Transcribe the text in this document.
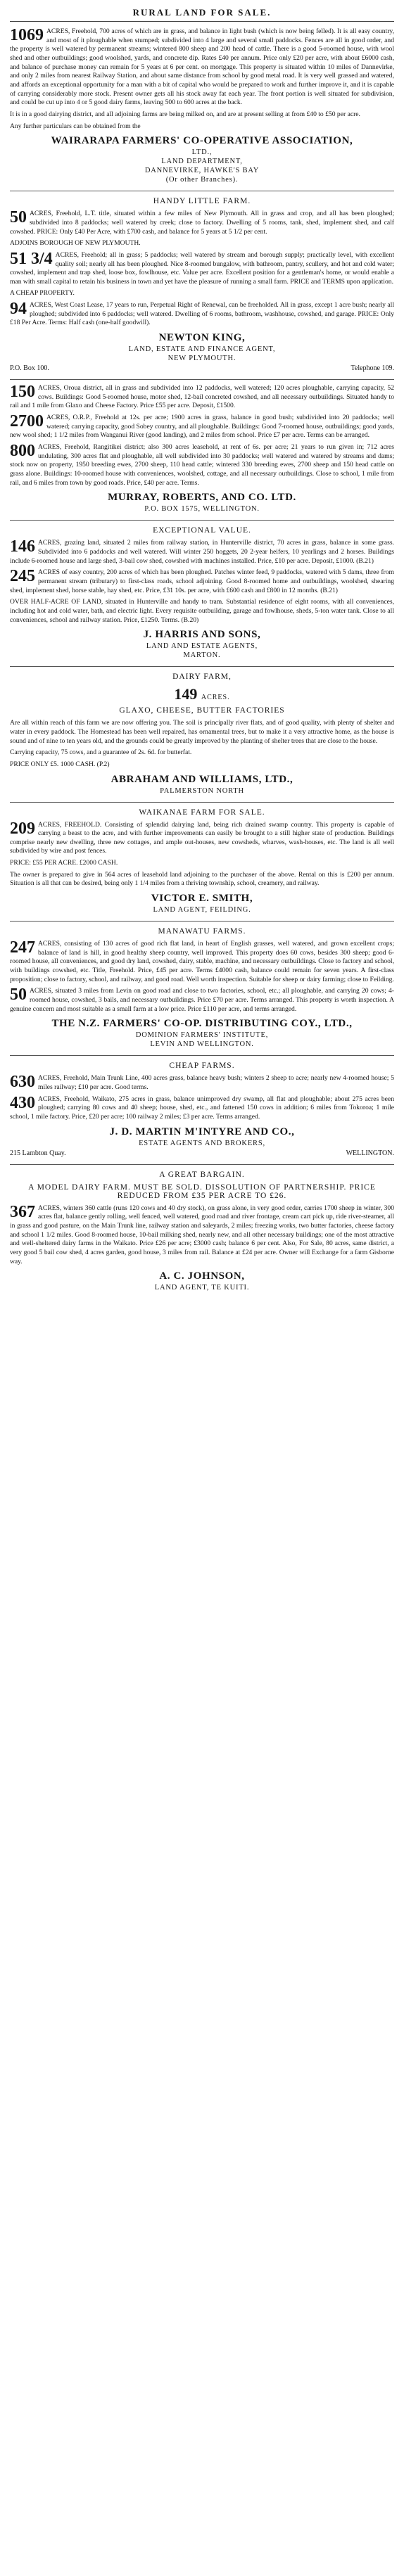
RURAL LAND FOR SALE.
1069 ACRES, Freehold, 700 acres of which are in grass, and balance in light bush (which is now being felled). It is all easy country, and most of it ploughable when stumped; subdivided into 4 large and several small paddocks. Fences are all in good order, and the property is well watered by permanent streams; wintered 800 sheep and 200 head of cattle. There is a good 5-roomed house, with wool shed and other outbuildings; good woolshed, yards, and concrete dip. Rates £40 per annum. Price only £20 per acre, with about £6000 cash, and balance of purchase money can remain for 5 years at 6 per cent. on mortgage. This property is situated within 10 miles of Dannevirke, and only 2 miles from nearest Railway Station, and about same distance from school by good metal road. It is very well grassed and watered, and affords an exceptional opportunity for a man with a bit of capital who would be prepared to work and further improve it, and it is capable of carrying considerably more stock. Present owner gets all his stock away fat each year. The front portion is well situated for subdivision, and could be cut up into 4 or 5 good dairy farms, leaving 500 to 600 acres at the back.
It is in a good dairying district, and all adjoining farms are being milked on, and are at present selling at from £40 to £50 per acre.
Any further particulars can be obtained from the
WAIRARAPA FARMERS' CO-OPERATIVE ASSOCIATION,
LTD.,
LAND DEPARTMENT,
DANNEVIRKE, HAWKE'S BAY
(Or other Branches).
HANDY LITTLE FARM.
50 ACRES, Freehold, L.T. title, situated within a few miles of New Plymouth. All in grass and crop, and all has been ploughed; subdivided into 8 paddocks; well watered by creek; close to factory. Dwelling of 5 rooms, tank, shed, implement shed, and calf cowshed. PRICE: Only £40 Per Acre, with £700 cash, and balance for 5 years at 5 1/2 per cent.
ADJOINS BOROUGH OF NEW PLYMOUTH.
51 3/4 ACRES, Freehold; all in grass; 5 paddocks; well watered by stream and borough supply; practically level, with excellent quality soil; nearly all has been ploughed. Nice 8-roomed bungalow, with bathroom, pantry, scullery, and hot and cold water; cowshed, implement and trap shed, loose box, fowlhouse, etc. Value per acre. Excellent position for a gentleman's home, or would enable a man with small capital to retain his business in town and yet have the pleasure of running a small farm. PRICE and TERMS upon application.
A CHEAP PROPERTY.
94 ACRES, West Coast Lease, 17 years to run, Perpetual Right of Renewal, can be freeholded. All in grass, except 1 acre bush; nearly all ploughed; subdivided into 6 paddocks; well watered. Dwelling of 6 rooms, bathroom, washhouse, cowshed, and garage. PRICE: Only £18 Per Acre. Terms: Half cash (one-half goodwill).
NEWTON KING,
LAND, ESTATE AND FINANCE AGENT,
NEW PLYMOUTH.
P.O. Box 100.	Telephone 109.
150 ACRES, Oroua district, all in grass and subdivided into 12 paddocks, well watered; 120 acres ploughable, carrying capacity, 52 cows. Buildings: Good 5-roomed house, motor shed, 12-bail concreted cowshed, and all necessary outbuildings. Situated handy to rail and 1 mile from Glaxo and Cheese Factory. Price £55 per acre. Deposit, £1500.
2700 ACRES, O.R.P., Freehold at 12s. per acre; 1900 acres in grass, balance in good bush; subdivided into 20 paddocks; well watered; carrying capacity, good Sobey country, and all ploughable. Buildings: Good 7-roomed house, outbuildings; good yards, new wool shed; 1 1/2 miles from Wanganui River (good landing), and 2 miles from school. Price £7 per acre. Terms can be arranged.
800 ACRES, Freehold, Rangitikei district; also 300 acres leasehold, at rent of 6s. per acre; 21 years to run given in; 712 acres undulating, 300 acres flat and ploughable, all well subdivided into 30 paddocks; well watered and watered by streams and dams; stock now on property, 1950 breeding ewes, 2700 sheep, 110 head cattle; wintered 330 breeding ewes, 2700 sheep and 150 head cattle on grass alone. Buildings: 10-roomed house with conveniences, woolshed, cottage, and all necessary outbuildings. Close to school, 1 mile from rail, and 6 miles from town by good roads. Price, £40 per acre. Terms.
MURRAY, ROBERTS, AND CO. LTD.
P.O. BOX 1575, WELLINGTON.
EXCEPTIONAL VALUE.
146 ACRES, grazing land, situated 2 miles from railway station, in Hunterville district, 70 acres in grass, balance in some grass. Subdivided into 6 paddocks and well watered. Will winter 250 hoggets, 20 2-year heifers, 10 yearlings and 2 horses. Buildings include 6-roomed house and large shed, 3-bail cow shed, cowshed with machines installed. Price, £10 per acre. Deposit, £1000. (B.21)
245 ACRES of easy country, 200 acres of which has been ploughed. Patches winter feed, 9 paddocks, watered with 5 dams, three from permanent stream (tributary) to first-class roads, school adjoining. Good 8-roomed home and outbuildings, woolshed, shearing shed, implement shed, horse stable, hay shed, etc. Price, £31 10s. per acre, with £600 cash and £800 in 12 months. (B.21)
OVER HALF-ACRE OF LAND, situated in Hunterville and handy to tram. Substantial residence of eight rooms, with all conveniences, including hot and cold water, bath, and electric light. Every requisite outbuilding, garage and fowlhouse, sheds, 5-ton water tank. Close to all conveniences, school and railway station. Price, £1250. Terms. (B.20)
J. HARRIS AND SONS,
LAND AND ESTATE AGENTS,
MARTON.
DAIRY FARM,
149 ACRES.
GLAXO, CHEESE, BUTTER FACTORIES
Are all within reach of this farm we are now offering you. The soil is principally river flats, and of good quality, with plenty of shelter and water in every paddock. The Homestead has been well repaired, has ornamental trees, but to make it a very attractive home, as the house is sound and of nine to ten years old, and the grounds could be greatly improved by the planting of shelter trees that are close to the house.
Carrying capacity, 75 cows, and a guarantee of 2s. 6d. for butterfat.
PRICE ONLY £5. 1000 CASH. (P.2)
ABRAHAM AND WILLIAMS, LTD.,
PALMERSTON NORTH
WAIKANAE FARM FOR SALE.
209 ACRES, FREEHOLD. Consisting of splendid dairying land, being rich drained swamp country. This property is capable of carrying a beast to the acre, and with further improvements can easily be brought to a still higher state of production. Buildings comprise nearly new dwelling, three new cottages, and ample out-houses, new cowsheds, wharves, wash-houses, etc. The land is all well subdivided by wire and post fences.
PRICE: £55 PER ACRE. £2000 CASH.
The owner is prepared to give in 564 acres of leasehold land adjoining to the purchaser of the above. Rental on this is £200 per annum. Situation is all that can be desired, being only 1 1/4 miles from a thriving township, school, creamery, and railway.
VICTOR E. SMITH,
LAND AGENT, FEILDING.
MANAWATU FARMS.
247 ACRES, consisting of 130 acres of good rich flat land, in heart of English grasses, well watered, and grown excellent crops; balance of land is hill, in good healthy sheep country, well improved. This property does 60 cows, besides 300 sheep; good 6-roomed house, all conveniences, and good dry land, cowshed, dairy, stable, machine, and necessary outbuildings. Close to factory and school, with buildings cowshed, etc. Title, Freehold. Price, £45 per acre. Terms £4000 cash, balance could remain for seven years. A first-class proposition; close to factory, school, and railway, and good road. Well worth inspection. Suitable for sheep or dairy farming; close to Feilding.
50 ACRES, situated 3 miles from Levin on good road and close to two factories, school, etc.; all ploughable, and carrying 20 cows; 4-roomed house, cowshed, 3 bails, and necessary outbuildings. Price £70 per acre. Terms arranged. This property is worth inspection. A genuine concern and most suitable as a small farm at a low price. Price £110 per acre, and terms arranged.
THE N.Z. FARMERS' CO-OP. DISTRIBUTING COY., LTD.,
DOMINION FARMERS' INSTITUTE,
LEVIN AND WELLINGTON.
CHEAP FARMS.
630 ACRES, Freehold, Main Trunk Line, 400 acres grass, balance heavy bush; winters 2 sheep to acre; nearly new 4-roomed house; 5 miles railway; £10 per acre. Good terms.
430 ACRES, Freehold, Waikato, 275 acres in grass, balance unimproved dry swamp, all flat and ploughable; about 275 acres been ploughed; carrying 80 cows and 40 sheep; house, shed, etc., and fattened 150 cows in addition; 6 miles from Tokoroa; 1 mile school, 1 mile factory. Price, £20 per acre; 100 railway 2 miles; £3 per acre. Terms arranged.
J. D. MARTIN M'INTYRE AND CO.,
ESTATE AGENTS AND BROKERS,
215 Lambton Quay.	WELLINGTON.
A GREAT BARGAIN.
A MODEL DAIRY FARM. MUST BE SOLD. DISSOLUTION OF PARTNERSHIP. PRICE REDUCED FROM £35 PER ACRE TO £26.
367 ACRES, winters 360 cattle (runs 120 cows and 40 dry stock), on grass alone, in very good order, carries 1700 sheep in winter, 300 acres flat, balance gently rolling, well fenced, well watered, good road and river frontage, cream cart pick up, ride river-steamer, all in grass and good pasture, on the Main Trunk line, railway station and saleyards, 2 miles; freezing works, two butter factories, cheese factory and school 1 1/2 miles. Good 8-roomed house, 10-bail milking shed, nearly new, and all other necessary buildings; one of the most attractive and well-sheltered dairy farms in the Waikato. Price £26 per acre; £3000 cash; balance 6 per cent. Also, For Sale, 80 acres, same district, a very good 5 bail cow shed, 4 acres garden, good house, 3 miles from rail. Balance at £24 per acre. Owner will Exchange for a farm Gisborne way.
A. C. JOHNSON,
LAND AGENT, TE KUITI.
